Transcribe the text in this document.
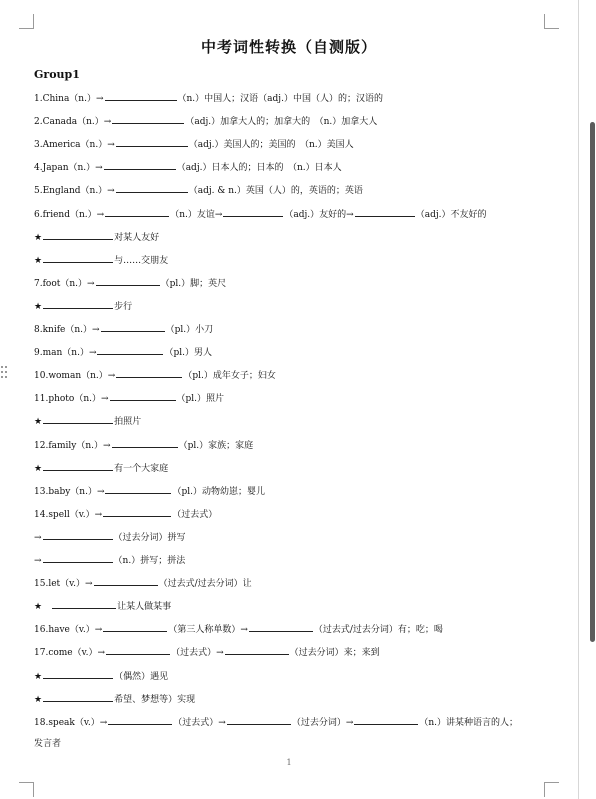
中考词性转换（自测版）
Group1
1.China（n.）→	（n.）中国人；汉语（adj.）中国（人）的；汉语的
2.Canada（n.）→	（adj.）加拿大人的；加拿大的　（n.）加拿大人
3.America（n.）→	（adj.）美国人的；美国的　（n.）美国人
4.Japan（n.）→	（adj.）日本人的；日本的　（n.）日本人
5.England（n.）→	（adj. & n.）英国（人）的，英语的；英语
6.friend（n.）→	（n.）友谊→	（adj.）友好的→	（adj.）不友好的
★	对某人友好
★	与……交朋友
7.foot（n.）→	（pl.）脚；英尺
★	步行
8.knife（n.）→	（pl.）小刀
9.man（n.）→	（pl.）男人
10.woman（n.）→	（pl.）成年女子；妇女
11.photo（n.）→	（pl.）照片
★	拍照片
12.family（n.）→	（pl.）家族；家庭
★	有一个大家庭
13.baby（n.）→	（pl.）动物幼崽；婴儿
14.spell（v.）→	（过去式）
→	（过去分词）拼写
→	（n.）拼写；拼法
15.let（v.）→	（过去式/过去分词）让
★　	让某人做某事
16.have（v.）→	（第三人称单数）→	（过去式/过去分词）有；吃；喝
17.come（v.）→	（过去式）→	（过去分词）来；来到
★	（偶然）遇见
★	希望、梦想等）实现
18.speak（v.）→	（过去式）→	（过去分词）→	（n.）讲某种语言的人；
发言者
1
